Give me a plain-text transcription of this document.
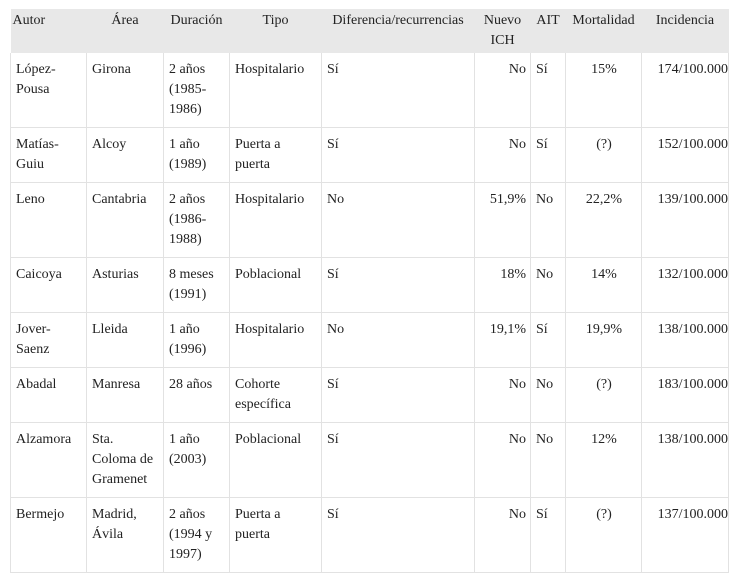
Autor	Área	Duración	Tipo	Diferencia/recurrencias	Nuevo ICH	AIT	Mortalidad	Incidencia
López-Pousa	Girona	2 años (1985-1986)	Hospitalario	Sí	No	Sí	15%	174/100.000
Matías-Guiu	Alcoy	1 año (1989)	Puerta a puerta	Sí	No	Sí	(?)	152/100.000
Leno	Cantabria	2 años (1986-1988)	Hospitalario	No	51,9%	No	22,2%	139/100.000
Caicoya	Asturias	8 meses (1991)	Poblacional	Sí	18%	No	14%	132/100.000
Jover-Saenz	Lleida	1 año (1996)	Hospitalario	No	19,1%	Sí	19,9%	138/100.000
Abadal	Manresa	28 años	Cohorte específica	Sí	No	No	(?)	183/100.000
Alzamora	Sta. Coloma de Gramenet	1 año (2003)	Poblacional	Sí	No	No	12%	138/100.000
Bermejo	Madrid, Ávila	2 años (1994 y 1997)	Puerta a puerta	Sí	No	Sí	(?)	137/100.000
